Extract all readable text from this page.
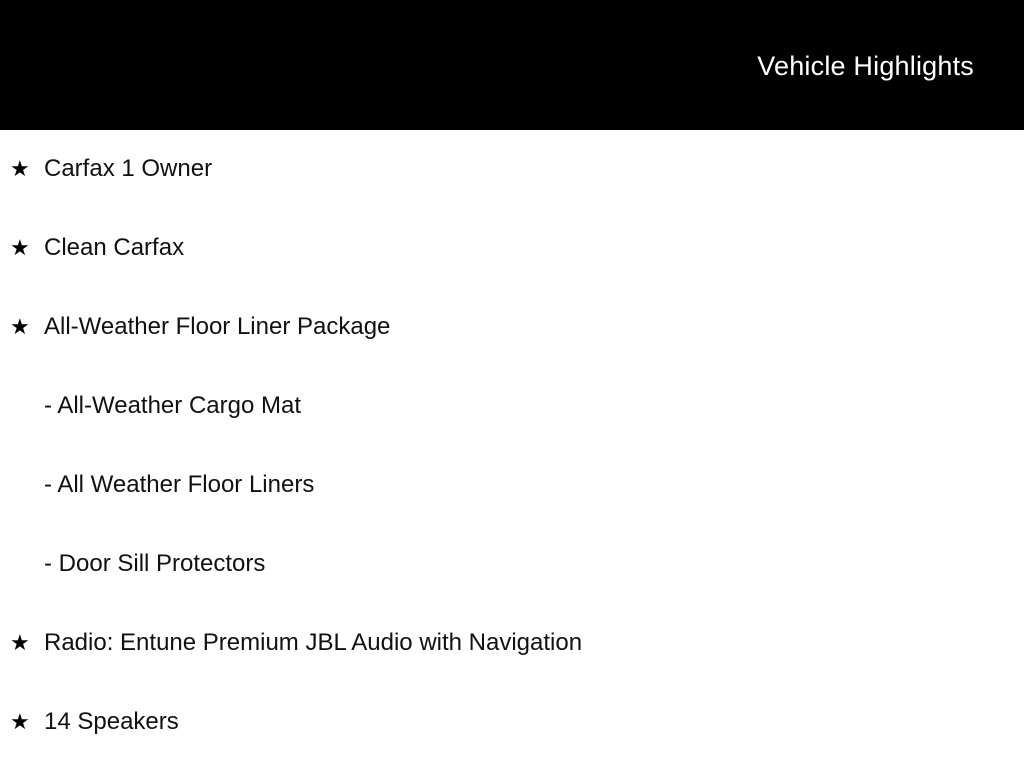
Vehicle Highlights
★ Carfax 1 Owner
★ Clean Carfax
★ All-Weather Floor Liner Package
- All-Weather Cargo Mat
- All Weather Floor Liners
- Door Sill Protectors
★ Radio: Entune Premium JBL Audio with Navigation
★ 14 Speakers
